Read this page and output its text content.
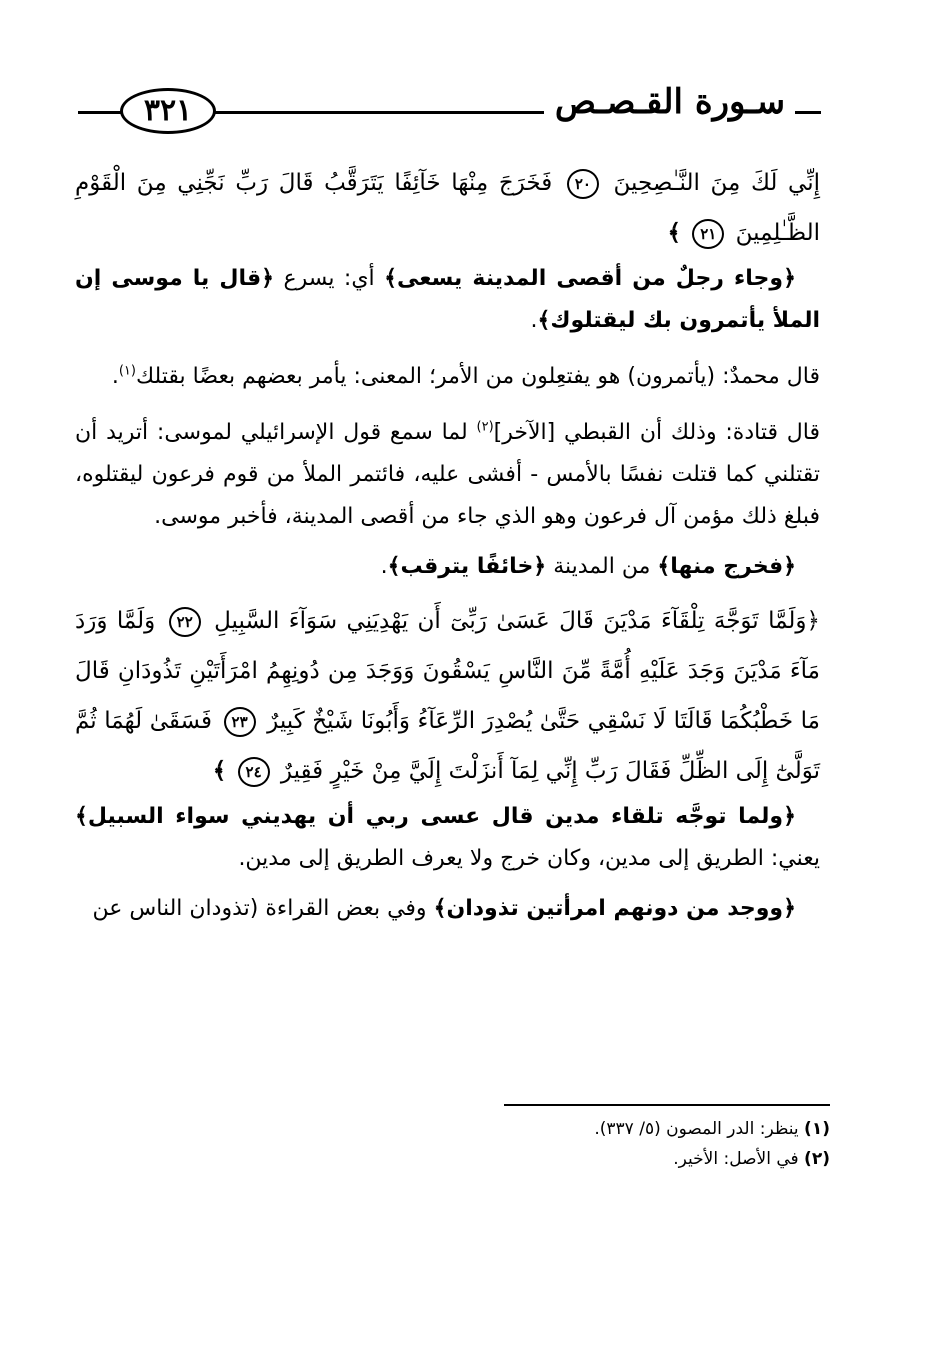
٣٢١	سـورة القـصـص

إِنِّي لَكَ مِنَ النَّـٰصِحِينَ ٢٠ فَخَرَجَ مِنْهَا خَآئِفًا يَتَرَقَّبُ قَالَ رَبِّ نَجِّنِي مِنَ الْقَوْمِ الظَّـٰلِمِينَ ٢١ ﴾

﴿وجاء رجلٌ من أقصى المدينة يسعى﴾ أي: يسرع ﴿قال يا موسى إن الملأ يأتمرون بك ليقتلوك﴾.

قال محمدٌ: (يأتمرون) هو يفتعِلون من الأمر؛ المعنى: يأمر بعضهم بعضًا بقتلك$^{(١)}$.

قال قتادة: وذلك أن القبطي [الآخر]$^{(٢)}$ لما سمع قول الإسرائيلي لموسى: أتريد أن تقتلني كما قتلت نفسًا بالأمس - أفشى عليه، فائتمر الملأ من قوم فرعون ليقتلوه، فبلغ ذلك مؤمن آل فرعون وهو الذي جاء من أقصى المدينة، فأخبر موسى.

﴿فخرج منها﴾ من المدينة ﴿خائفًا يترقب﴾.

﴿وَلَمَّا تَوَجَّهَ تِلْقَآءَ مَدْيَنَ قَالَ عَسَىٰ رَبِّىٓ أَن يَهْدِيَنِي سَوَآءَ السَّبِيلِ ٢٢ وَلَمَّا وَرَدَ مَآءَ مَدْيَنَ وَجَدَ عَلَيْهِ أُمَّةً مِّنَ النَّاسِ يَسْقُونَ وَوَجَدَ مِن دُونِهِمُ امْرَأَتَيْنِ تَذُودَانِ قَالَ مَا خَطْبُكُمَا قَالَتَا لَا نَسْقِي حَتَّىٰ يُصْدِرَ الرِّعَآءُ وَأَبُونَا شَيْخٌ كَبِيرٌ ٢٣ فَسَقَىٰ لَهُمَا ثُمَّ تَوَلَّىٰٓ إِلَى الظِّلِّ فَقَالَ رَبِّ إِنِّي لِمَآ أَنزَلْتَ إِلَيَّ مِنْ خَيْرٍ فَقِيرٌ ٢٤ ﴾

﴿ولما توجَّه تلقاء مدين قال عسى ربي أن يهديني سواء السبيل﴾ يعني: الطريق إلى مدين، وكان خرج ولا يعرف الطريق إلى مدين.

﴿ووجد من دونهم امرأتين تذودان﴾ وفي بعض القراءة (تذودان الناس عن

(١) ينظر: الدر المصون (٥/ ٣٣٧).

(٢) في الأصل: الأخير.
